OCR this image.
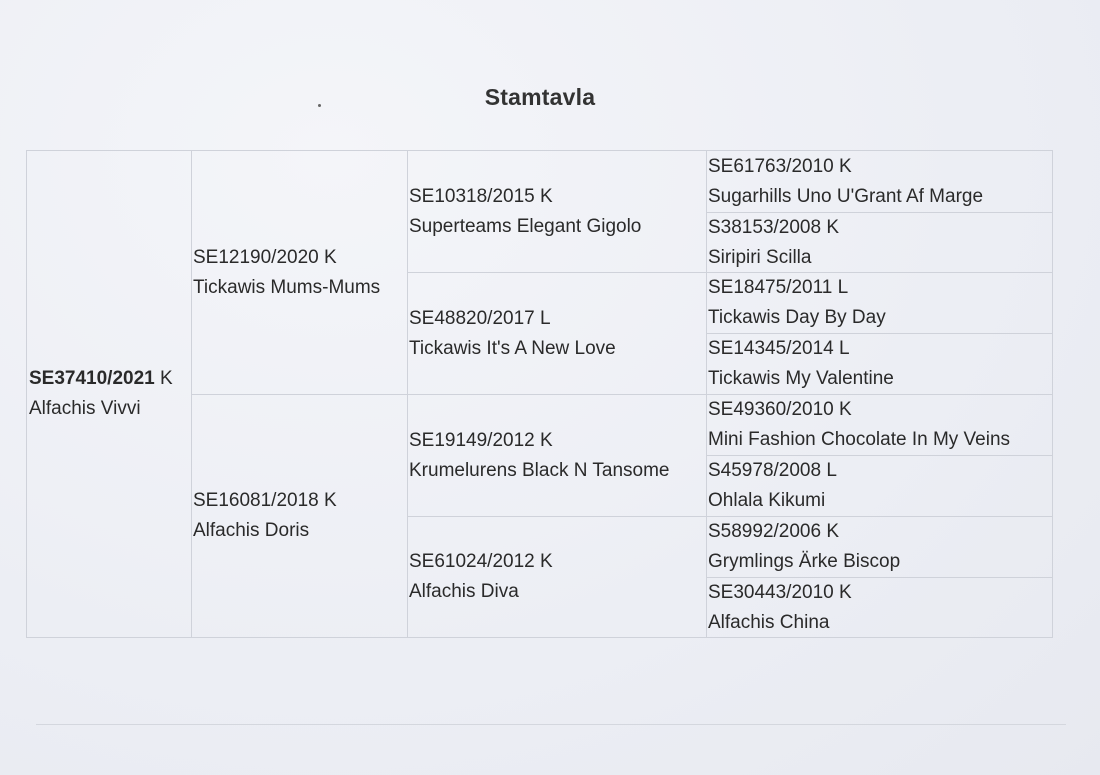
Stamtavla
SE37410/2021 K
Alfachis Vivvi
SE12190/2020 K
Tickawis Mums-Mums
SE16081/2018 K
Alfachis Doris
SE10318/2015 K
Superteams Elegant Gigolo
SE48820/2017 L
Tickawis It's A New Love
SE19149/2012 K
Krumelurens Black N Tansome
SE61024/2012 K
Alfachis Diva
SE61763/2010 K
Sugarhills Uno U'Grant Af Marge
S38153/2008 K
Siripiri Scilla
SE18475/2011 L
Tickawis Day By Day
SE14345/2014 L
Tickawis My Valentine
SE49360/2010 K
Mini Fashion Chocolate In My Veins
S45978/2008 L
Ohlala Kikumi
S58992/2006 K
Grymlings Ärke Biscop
SE30443/2010 K
Alfachis China
